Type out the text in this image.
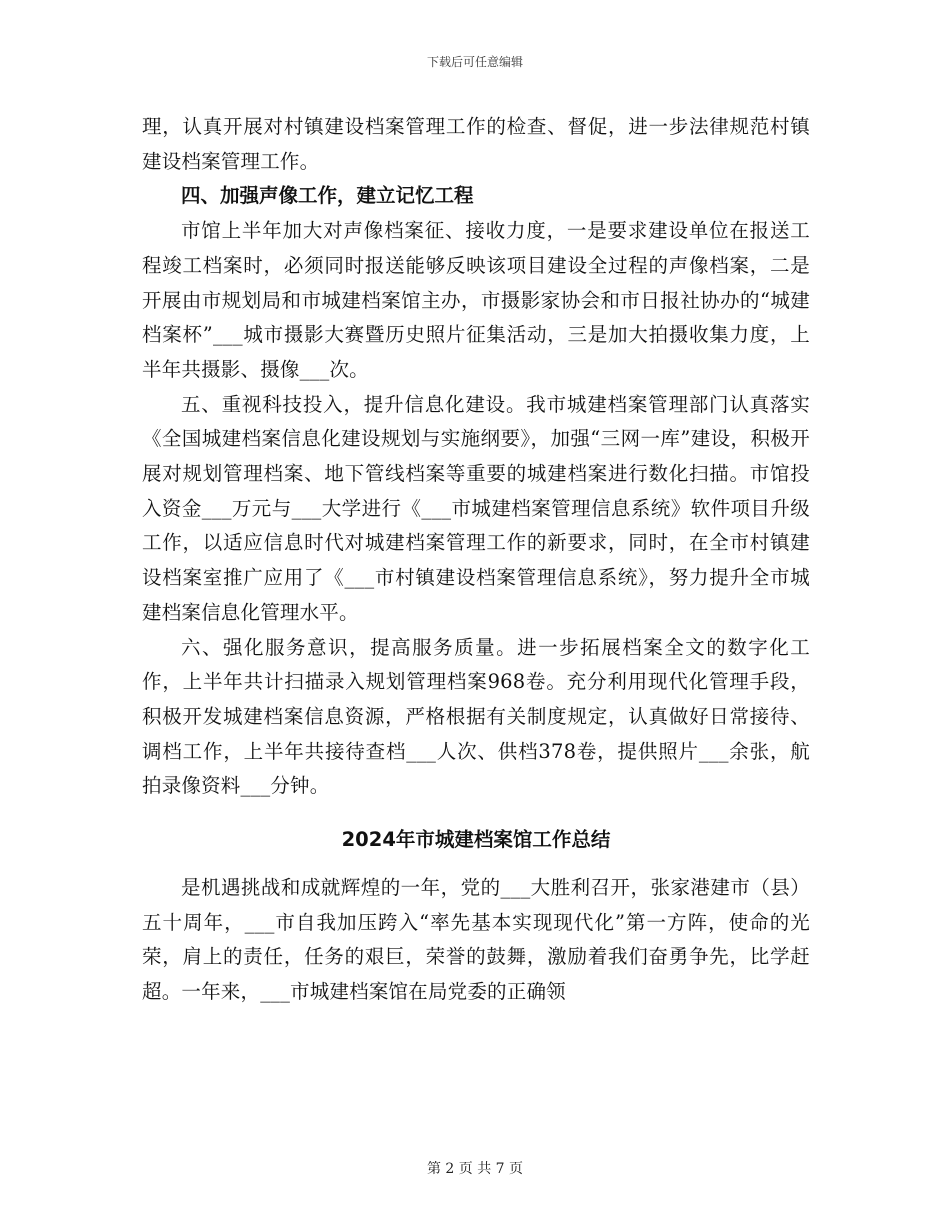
下载后可任意编辑

理，认真开展对村镇建设档案管理工作的检查、督促，进一步法律规范村镇建设档案管理工作。

四、加强声像工作，建立记忆工程

市馆上半年加大对声像档案征、接收力度，一是要求建设单位在报送工程竣工档案时，必须同时报送能够反映该项目建设全过程的声像档案，二是开展由市规划局和市城建档案馆主办，市摄影家协会和市日报社协办的“城建档案杯”___城市摄影大赛暨历史照片征集活动，三是加大拍摄收集力度，上半年共摄影、摄像___次。

五、重视科技投入，提升信息化建设。我市城建档案管理部门认真落实《全国城建档案信息化建设规划与实施纲要》，加强“三网一库”建设，积极开展对规划管理档案、地下管线档案等重要的城建档案进行数化扫描。市馆投入资金___万元与___大学进行《___市城建档案管理信息系统》软件项目升级工作，以适应信息时代对城建档案管理工作的新要求，同时，在全市村镇建设档案室推广应用了《___市村镇建设档案管理信息系统》，努力提升全市城建档案信息化管理水平。

六、强化服务意识，提高服务质量。进一步拓展档案全文的数字化工作，上半年共计扫描录入规划管理档案968卷。充分利用现代化管理手段，积极开发城建档案信息资源，严格根据有关制度规定，认真做好日常接待、调档工作，上半年共接待查档___人次、供档378卷，提供照片___余张，航拍录像资料___分钟。

2024年市城建档案馆工作总结

是机遇挑战和成就辉煌的一年，党的___大胜利召开，张家港建市（县）五十周年，___市自我加压跨入“率先基本实现现代化”第一方阵，使命的光荣，肩上的责任，任务的艰巨，荣誉的鼓舞，激励着我们奋勇争先，比学赶超。一年来，___市城建档案馆在局党委的正确领

第 2 页 共 7 页
